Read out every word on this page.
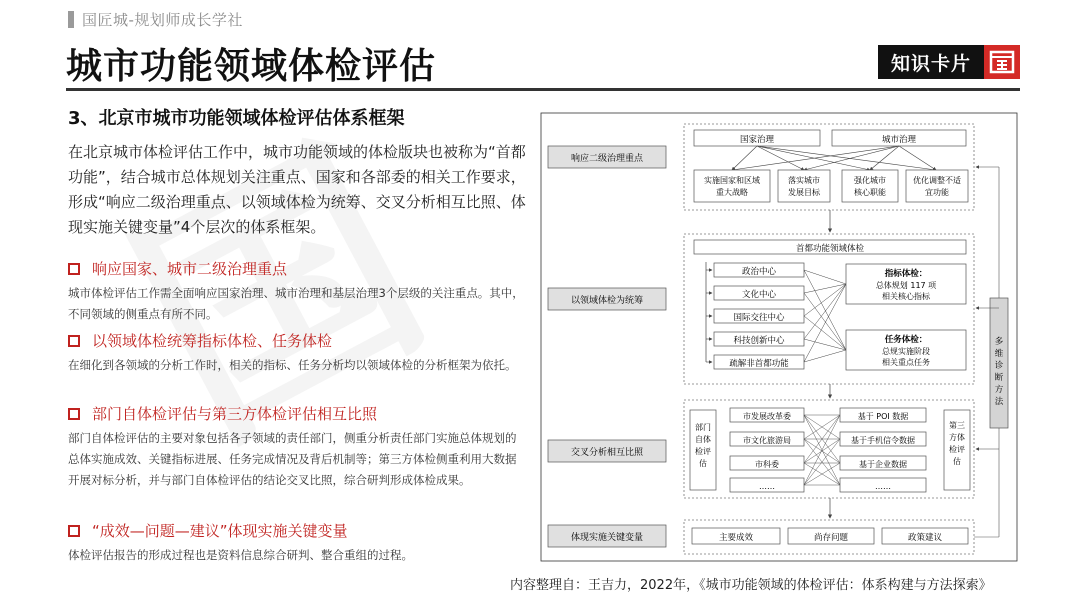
国匠城-规划师成长学社
城市功能领域体检评估	知识卡片
3、北京市城市功能领域体检评估体系框架
在北京城市体检评估工作中，城市功能领域的体检版块也被称为“首都功能”，结合城市总体规划关注重点、国家和各部委的相关工作要求，形成“响应二级治理重点、以领域体检为统筹、交叉分析相互比照、体现实施关键变量”4个层次的体系框架。
响应国家、城市二级治理重点
城市体检评估工作需全面响应国家治理、城市治理和基层治理3个层级的关注重点。其中，不同领域的侧重点有所不同。
以领域体检统筹指标体检、任务体检
在细化到各领域的分析工作时，相关的指标、任务分析均以领域体检的分析框架为依托。
部门自体检评估与第三方体检评估相互比照
部门自体检评估的主要对象包括各子领域的责任部门，侧重分析责任部门实施总体规划的总体实施成效、关键指标进展、任务完成情况及背后机制等；第三方体检侧重利用大数据开展对标分析，并与部门自体检评估的结论交叉比照，综合研判形成体检成果。
“成效—问题—建议”体现实施关键变量
体检评估报告的形成过程也是资料信息综合研判、整合重组的过程。
响应二级治理重点
以领域体检为统筹
交叉分析相互比照
体现实施关键变量
国家治理	城市治理
实施国家和区域
重大战略
落实城市
发展目标
强化城市
核心职能
优化调整不适
宜功能
首都功能领域体检
政治中心
文化中心
国际交往中心
科技创新中心
疏解非首都功能
指标体检：
总体规划 117 项
相关核心指标
任务体检：
总规实施阶段
相关重点任务
部门
自体
检评
估
市发展改革委
市文化旅游局
市科委
……
基于 POI 数据
基于手机信令数据
基于企业数据
……
第三
方体
检评
估
主要成效	尚存问题	政策建议
多
维
诊
断
方
法
内容整理自：王吉力，2022年，《城市功能领域的体检评估：体系构建与方法探索》
